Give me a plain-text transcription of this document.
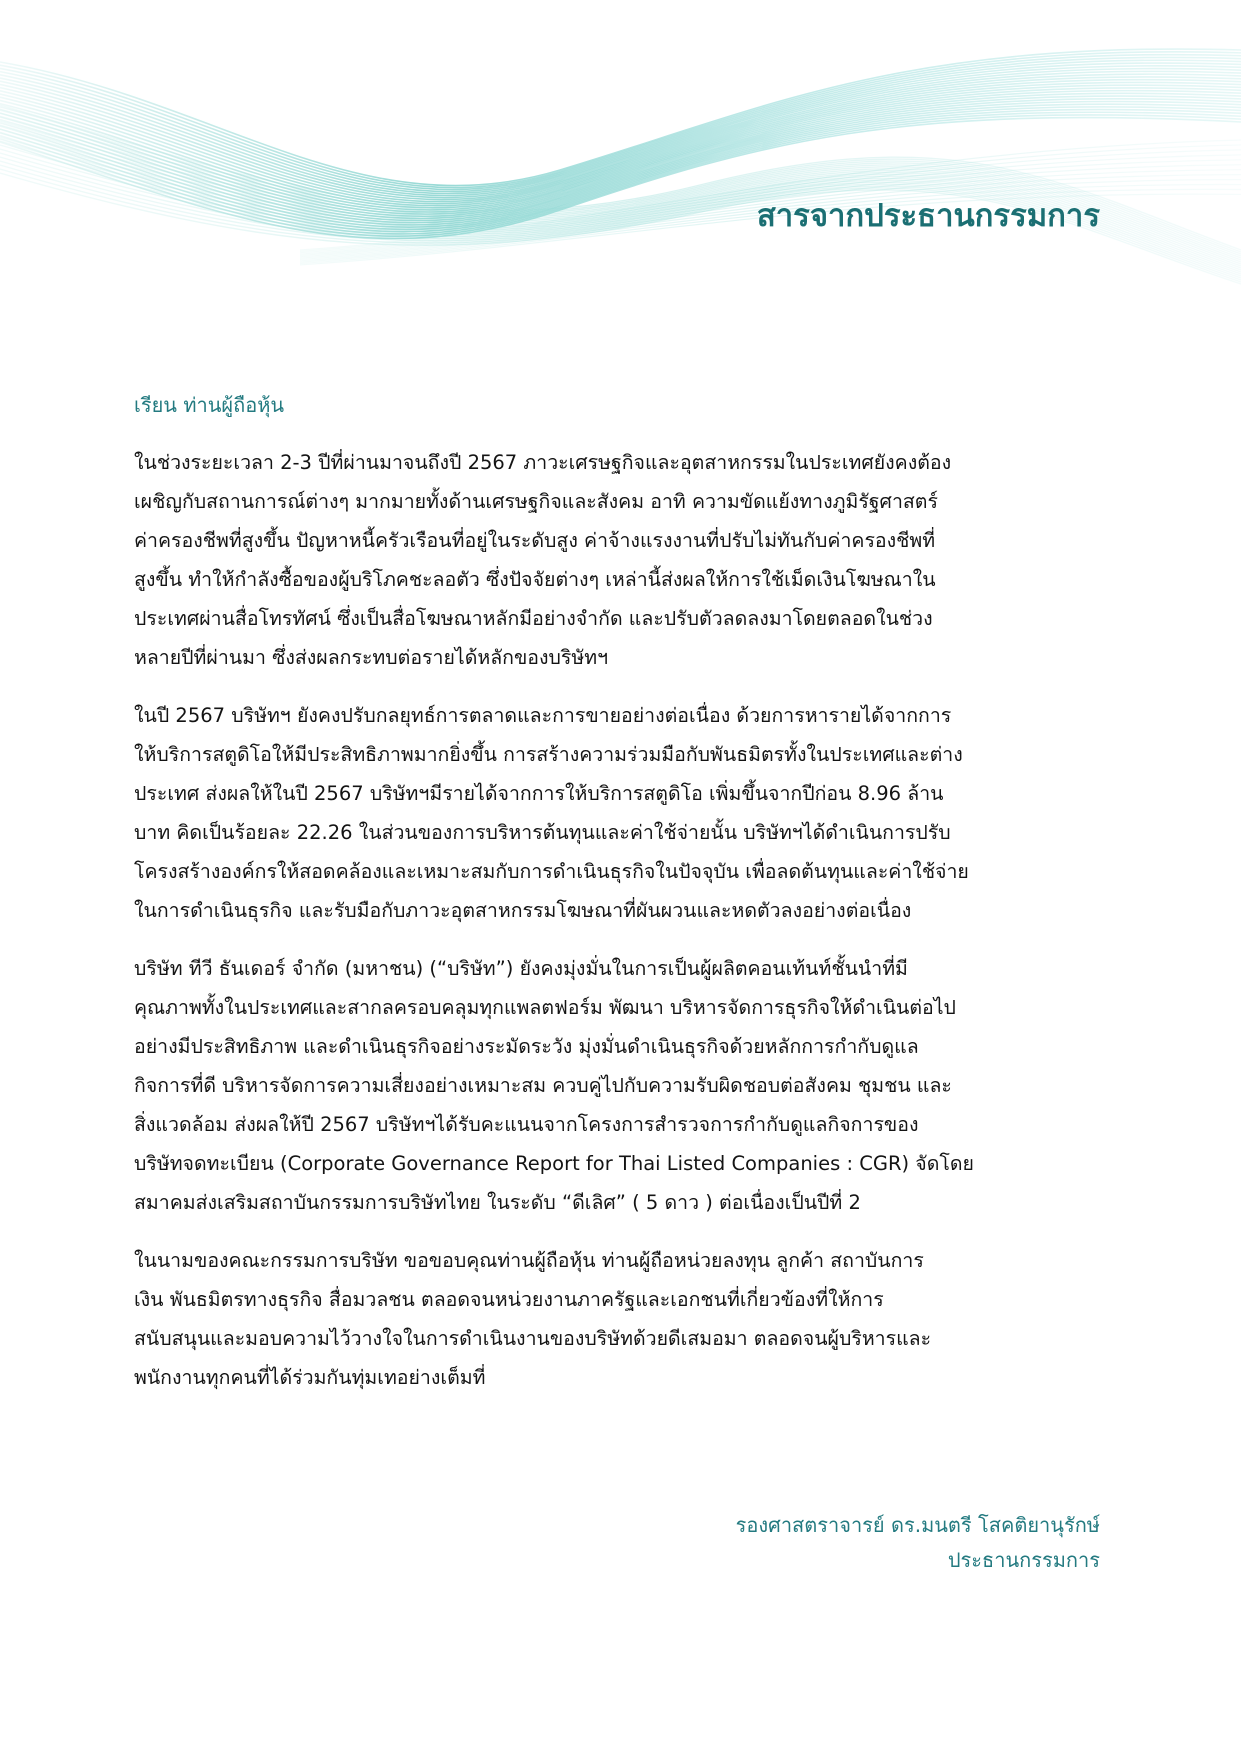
สารจากประธานกรรมการ
เรียน ท่านผู้ถือหุ้น
ในช่วงระยะเวลา 2-3 ปีที่ผ่านมาจนถึงปี 2567 ภาวะเศรษฐกิจและอุตสาหกรรมในประเทศยังคงต้อง
เผชิญกับสถานการณ์ต่างๆ มากมายทั้งด้านเศรษฐกิจและสังคม อาทิ ความขัดแย้งทางภูมิรัฐศาสตร์
ค่าครองชีพที่สูงขึ้น ปัญหาหนี้ครัวเรือนที่อยู่ในระดับสูง ค่าจ้างแรงงานที่ปรับไม่ทันกับค่าครองชีพที่
สูงขึ้น ทำให้กำลังซื้อของผู้บริโภคชะลอตัว ซึ่งปัจจัยต่างๆ เหล่านี้ส่งผลให้การใช้เม็ดเงินโฆษณาใน
ประเทศผ่านสื่อโทรทัศน์ ซึ่งเป็นสื่อโฆษณาหลักมีอย่างจำกัด และปรับตัวลดลงมาโดยตลอดในช่วง
หลายปีที่ผ่านมา ซึ่งส่งผลกระทบต่อรายได้หลักของบริษัทฯ
ในปี 2567 บริษัทฯ ยังคงปรับกลยุทธ์การตลาดและการขายอย่างต่อเนื่อง ด้วยการหารายได้จากการ
ให้บริการสตูดิโอให้มีประสิทธิภาพมากยิ่งขึ้น การสร้างความร่วมมือกับพันธมิตรทั้งในประเทศและต่าง
ประเทศ ส่งผลให้ในปี 2567 บริษัทฯมีรายได้จากการให้บริการสตูดิโอ เพิ่มขึ้นจากปีก่อน 8.96 ล้าน
บาท คิดเป็นร้อยละ 22.26 ในส่วนของการบริหารต้นทุนและค่าใช้จ่ายนั้น บริษัทฯได้ดำเนินการปรับ
โครงสร้างองค์กรให้สอดคล้องและเหมาะสมกับการดำเนินธุรกิจในปัจจุบัน เพื่อลดต้นทุนและค่าใช้จ่าย
ในการดำเนินธุรกิจ และรับมือกับภาวะอุตสาหกรรมโฆษณาที่ผันผวนและหดตัวลงอย่างต่อเนื่อง
บริษัท ทีวี ธันเดอร์ จำกัด (มหาชน) (“บริษัท”) ยังคงมุ่งมั่นในการเป็นผู้ผลิตคอนเท้นท์ชั้นนำที่มี
คุณภาพทั้งในประเทศและสากลครอบคลุมทุกแพลตฟอร์ม พัฒนา บริหารจัดการธุรกิจให้ดำเนินต่อไป
อย่างมีประสิทธิภาพ และดำเนินธุรกิจอย่างระมัดระวัง มุ่งมั่นดำเนินธุรกิจด้วยหลักการกำกับดูแล
กิจการที่ดี บริหารจัดการความเสี่ยงอย่างเหมาะสม ควบคู่ไปกับความรับผิดชอบต่อสังคม ชุมชน และ
สิ่งแวดล้อม ส่งผลให้ปี 2567 บริษัทฯได้รับคะแนนจากโครงการสำรวจการกำกับดูแลกิจการของ
บริษัทจดทะเบียน (Corporate Governance Report for Thai Listed Companies : CGR) จัดโดย
สมาคมส่งเสริมสถาบันกรรมการบริษัทไทย ในระดับ “ดีเลิศ” ( 5 ดาว ) ต่อเนื่องเป็นปีที่ 2
ในนามของคณะกรรมการบริษัท ขอขอบคุณท่านผู้ถือหุ้น ท่านผู้ถือหน่วยลงทุน ลูกค้า สถาบันการ
เงิน พันธมิตรทางธุรกิจ สื่อมวลชน ตลอดจนหน่วยงานภาครัฐและเอกชนที่เกี่ยวข้องที่ให้การ
สนับสนุนและมอบความไว้วางใจในการดำเนินงานของบริษัทด้วยดีเสมอมา ตลอดจนผู้บริหารและ
พนักงานทุกคนที่ได้ร่วมกันทุ่มเทอย่างเต็มที่
รองศาสตราจารย์ ดร.มนตรี โสคติยานุรักษ์
ประธานกรรมการ
